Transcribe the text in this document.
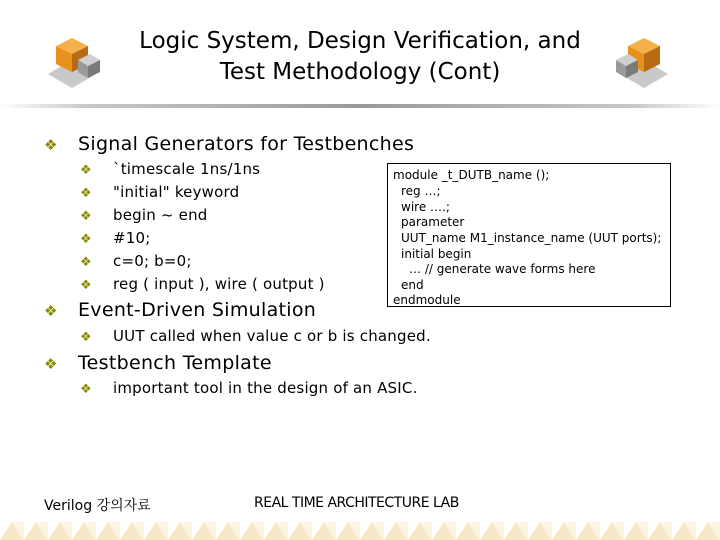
Logic System, Design Verification, and
Test Methodology (Cont)
❖ Signal Generators for Testbenches
❖ `timescale 1ns/1ns
❖ "initial" keyword
❖ begin ~ end
❖ #10;
❖ c=0; b=0;
❖ reg ( input ), wire ( output )
❖ Event-Driven Simulation
❖ UUT called when value c or b is changed.
❖ Testbench Template
❖ important tool in the design of an ASIC.
module _t_DUTB_name ();
reg …;
wire ….;
parameter
UUT_name M1_instance_name (UUT ports);
initial begin
… // generate wave forms here
end
endmodule
Verilog 강의자료	REAL TIME ARCHITECTURE LAB
